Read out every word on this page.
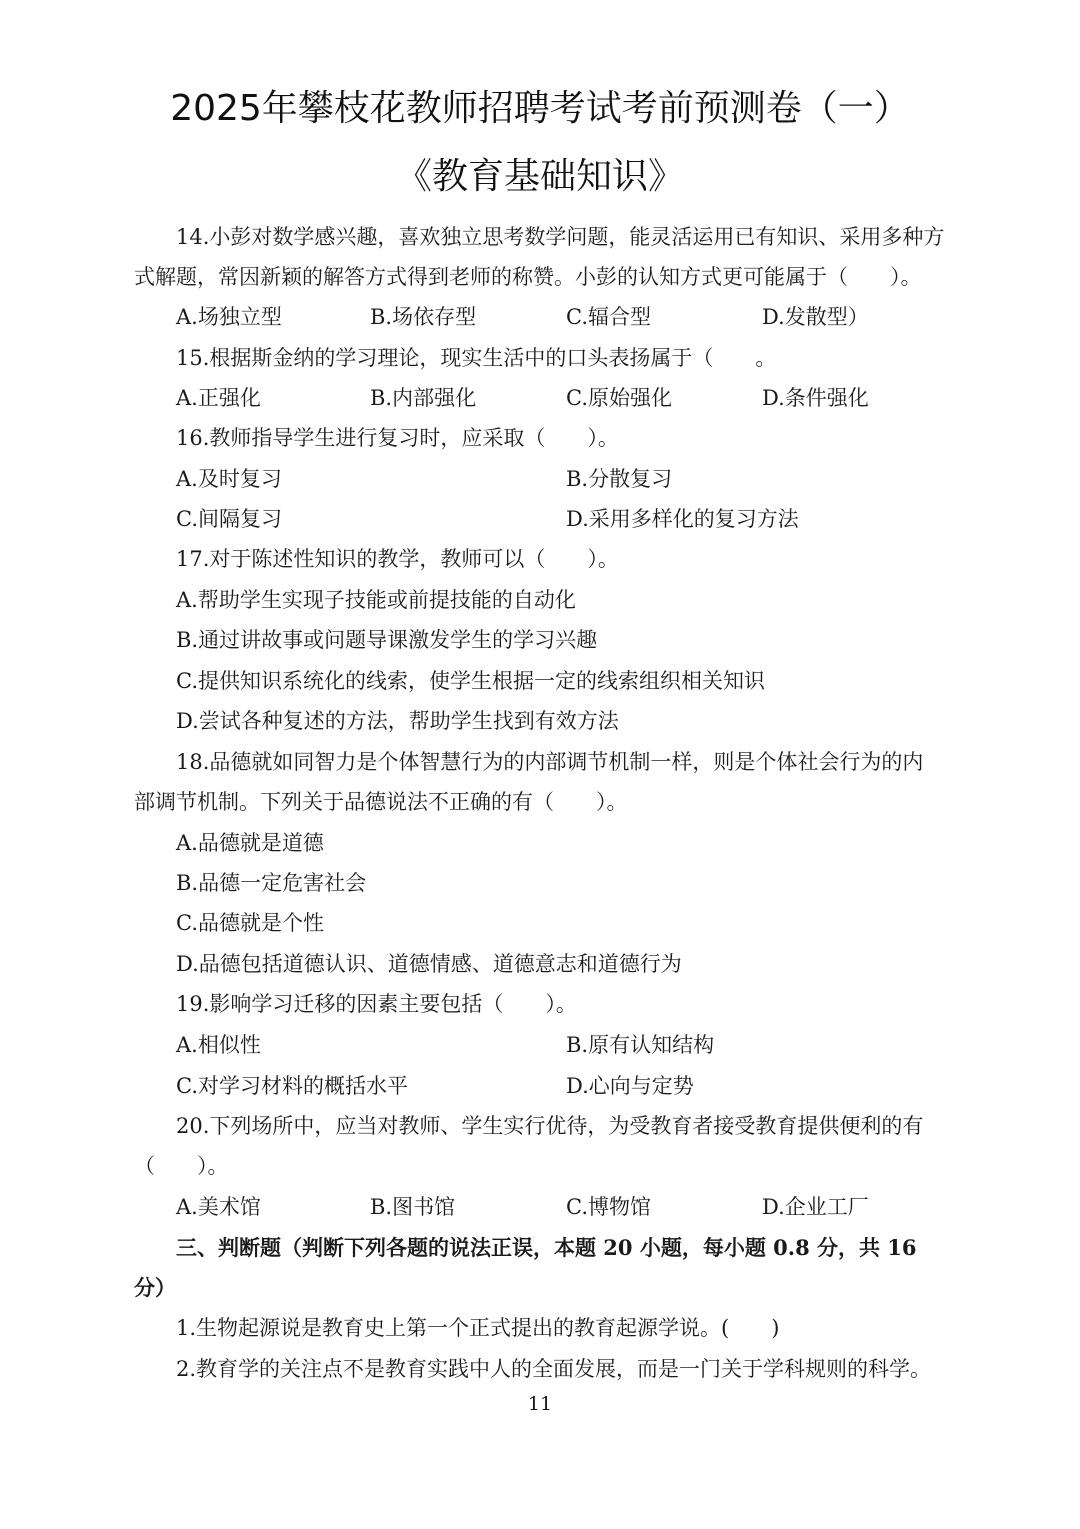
2025年攀枝花教师招聘考试考前预测卷（一）
《教育基础知识》
14.小彭对数学感兴趣，喜欢独立思考数学问题，能灵活运用已有知识、采用多种方
式解题，常因新颖的解答方式得到老师的称赞。小彭的认知方式更可能属于（　　）。
A.场独立型	B.场依存型	C.辐合型	D.发散型）
15.根据斯金纳的学习理论，现实生活中的口头表扬属于（　　。
A.正强化	B.内部强化	C.原始强化	D.条件强化
16.教师指导学生进行复习时，应采取（　　）。
A.及时复习	B.分散复习
C.间隔复习	D.采用多样化的复习方法
17.对于陈述性知识的教学，教师可以（　　）。
A.帮助学生实现子技能或前提技能的自动化
B.通过讲故事或问题导课激发学生的学习兴趣
C.提供知识系统化的线索，使学生根据一定的线索组织相关知识
D.尝试各种复述的方法，帮助学生找到有效方法
18.品德就如同智力是个体智慧行为的内部调节机制一样，则是个体社会行为的内
部调节机制。下列关于品德说法不正确的有（　　）。
A.品德就是道德
B.品德一定危害社会
C.品德就是个性
D.品德包括道德认识、道德情感、道德意志和道德行为
19.影响学习迁移的因素主要包括（　　）。
A.相似性	B.原有认知结构
C.对学习材料的概括水平	D.心向与定势
20.下列场所中，应当对教师、学生实行优待，为受教育者接受教育提供便利的有
（　　）。
A.美术馆	B.图书馆	C.博物馆	D.企业工厂
三、判断题（判断下列各题的说法正误，本题 20 小题，每小题 0.8 分，共 16
分）
1.生物起源说是教育史上第一个正式提出的教育起源学说。(　　)
2.教育学的关注点不是教育实践中人的全面发展，而是一门关于学科规则的科学。
11
